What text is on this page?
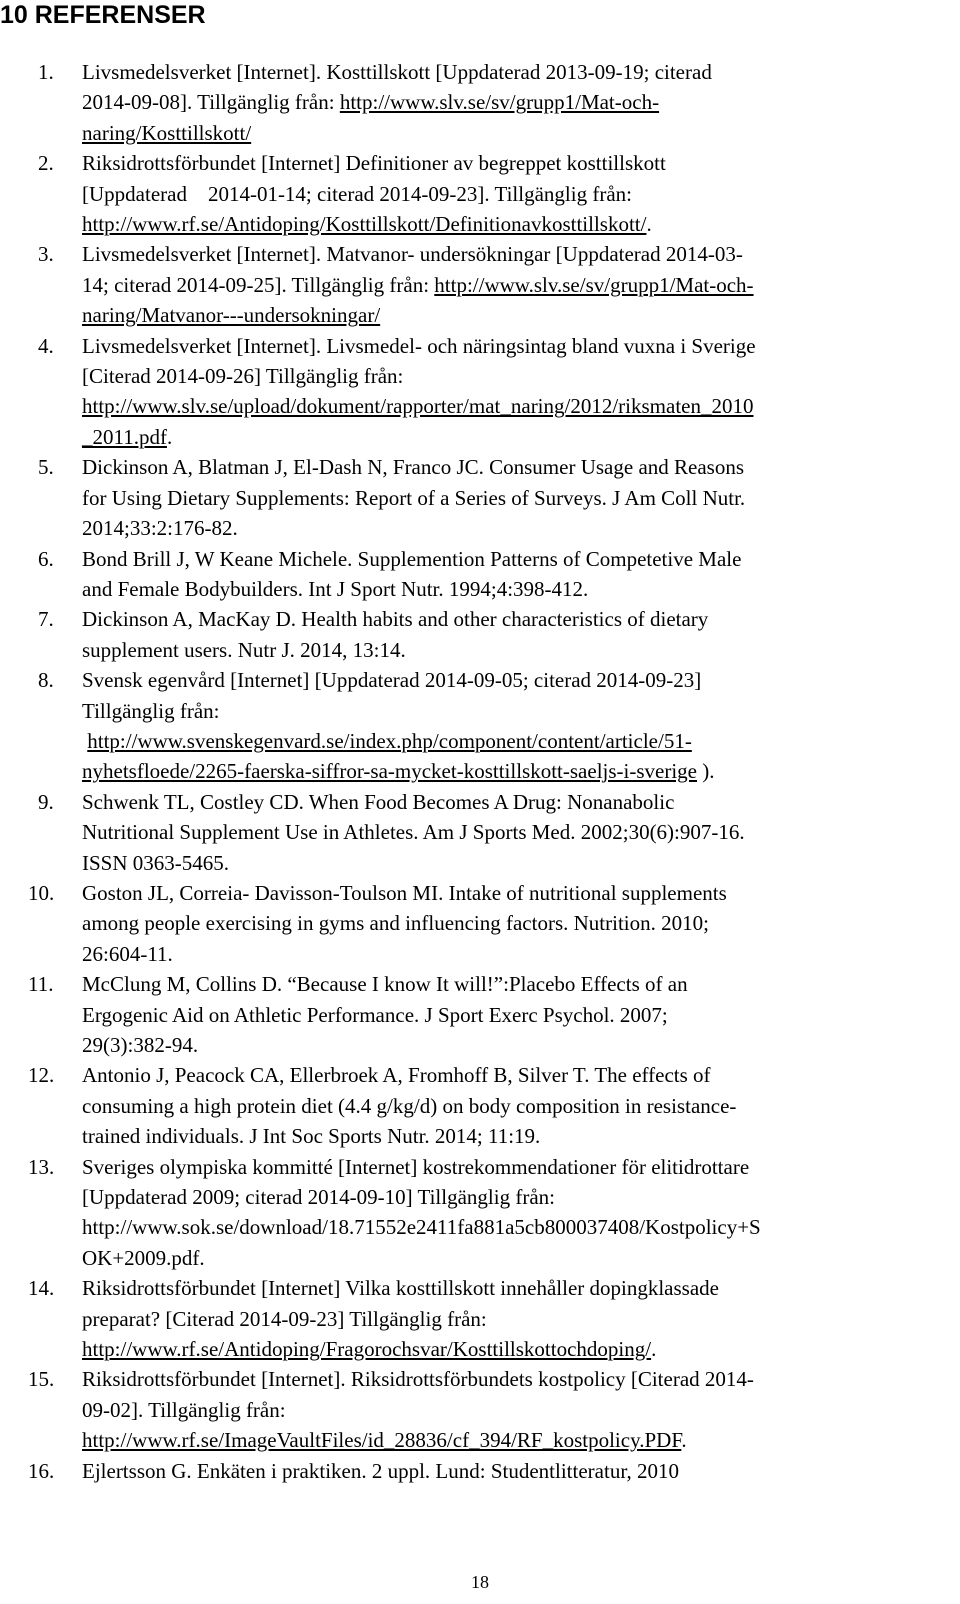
10 REFERENSER
1. Livsmedelsverket [Internet]. Kosttillskott [Uppdaterad 2013-09-19; citerad
2014-09-08]. Tillgänglig från: http://www.slv.se/sv/grupp1/Mat-och-
naring/Kosttillskott/
2. Riksidrottsförbundet [Internet] Definitioner av begreppet kosttillskott
[Uppdaterad    2014-01-14; citerad 2014-09-23]. Tillgänglig från:
http://www.rf.se/Antidoping/Kosttillskott/Definitionavkosttillskott/.
3. Livsmedelsverket [Internet]. Matvanor- undersökningar [Uppdaterad 2014-03-
14; citerad 2014-09-25]. Tillgänglig från: http://www.slv.se/sv/grupp1/Mat-och-
naring/Matvanor---undersokningar/
4. Livsmedelsverket [Internet]. Livsmedel- och näringsintag bland vuxna i Sverige
[Citerad 2014-09-26] Tillgänglig från:
http://www.slv.se/upload/dokument/rapporter/mat_naring/2012/riksmaten_2010
_2011.pdf.
5. Dickinson A, Blatman J, El-Dash N, Franco JC. Consumer Usage and Reasons
for Using Dietary Supplements: Report of a Series of Surveys. J Am Coll Nutr.
2014;33:2:176-82.
6. Bond Brill J, W Keane Michele. Supplemention Patterns of Competetive Male
and Female Bodybuilders. Int J Sport Nutr. 1994;4:398-412.
7. Dickinson A, MacKay D. Health habits and other characteristics of dietary
supplement users. Nutr J. 2014, 13:14.
8. Svensk egenvård [Internet] [Uppdaterad 2014-09-05; citerad 2014-09-23]
Tillgänglig från:
http://www.svenskegenvard.se/index.php/component/content/article/51-
nyhetsfloede/2265-faerska-siffror-sa-mycket-kosttillskott-saeljs-i-sverige ).
9. Schwenk TL, Costley CD. When Food Becomes A Drug: Nonanabolic
Nutritional Supplement Use in Athletes. Am J Sports Med. 2002;30(6):907-16.
ISSN 0363-5465.
10. Goston JL, Correia- Davisson-Toulson MI. Intake of nutritional supplements
among people exercising in gyms and influencing factors. Nutrition. 2010;
26:604-11.
11. McClung M, Collins D. “Because I know It will!”:Placebo Effects of an
Ergogenic Aid on Athletic Performance. J Sport Exerc Psychol. 2007;
29(3):382-94.
12. Antonio J, Peacock CA, Ellerbroek A, Fromhoff B, Silver T. The effects of
consuming a high protein diet (4.4 g/kg/d) on body composition in resistance-
trained individuals. J Int Soc Sports Nutr. 2014; 11:19.
13. Sveriges olympiska kommitté [Internet] kostrekommendationer för elitidrottare
[Uppdaterad 2009; citerad 2014-09-10] Tillgänglig från:
http://www.sok.se/download/18.71552e2411fa881a5cb800037408/Kostpolicy+S
OK+2009.pdf.
14. Riksidrottsförbundet [Internet] Vilka kosttillskott innehåller dopingklassade
preparat? [Citerad 2014-09-23] Tillgänglig från:
http://www.rf.se/Antidoping/Fragorochsvar/Kosttillskottochdoping/.
15. Riksidrottsförbundet [Internet]. Riksidrottsförbundets kostpolicy [Citerad 2014-
09-02]. Tillgänglig från:
http://www.rf.se/ImageVaultFiles/id_28836/cf_394/RF_kostpolicy.PDF.
16. Ejlertsson G. Enkäten i praktiken. 2 uppl. Lund: Studentlitteratur, 2010
18
